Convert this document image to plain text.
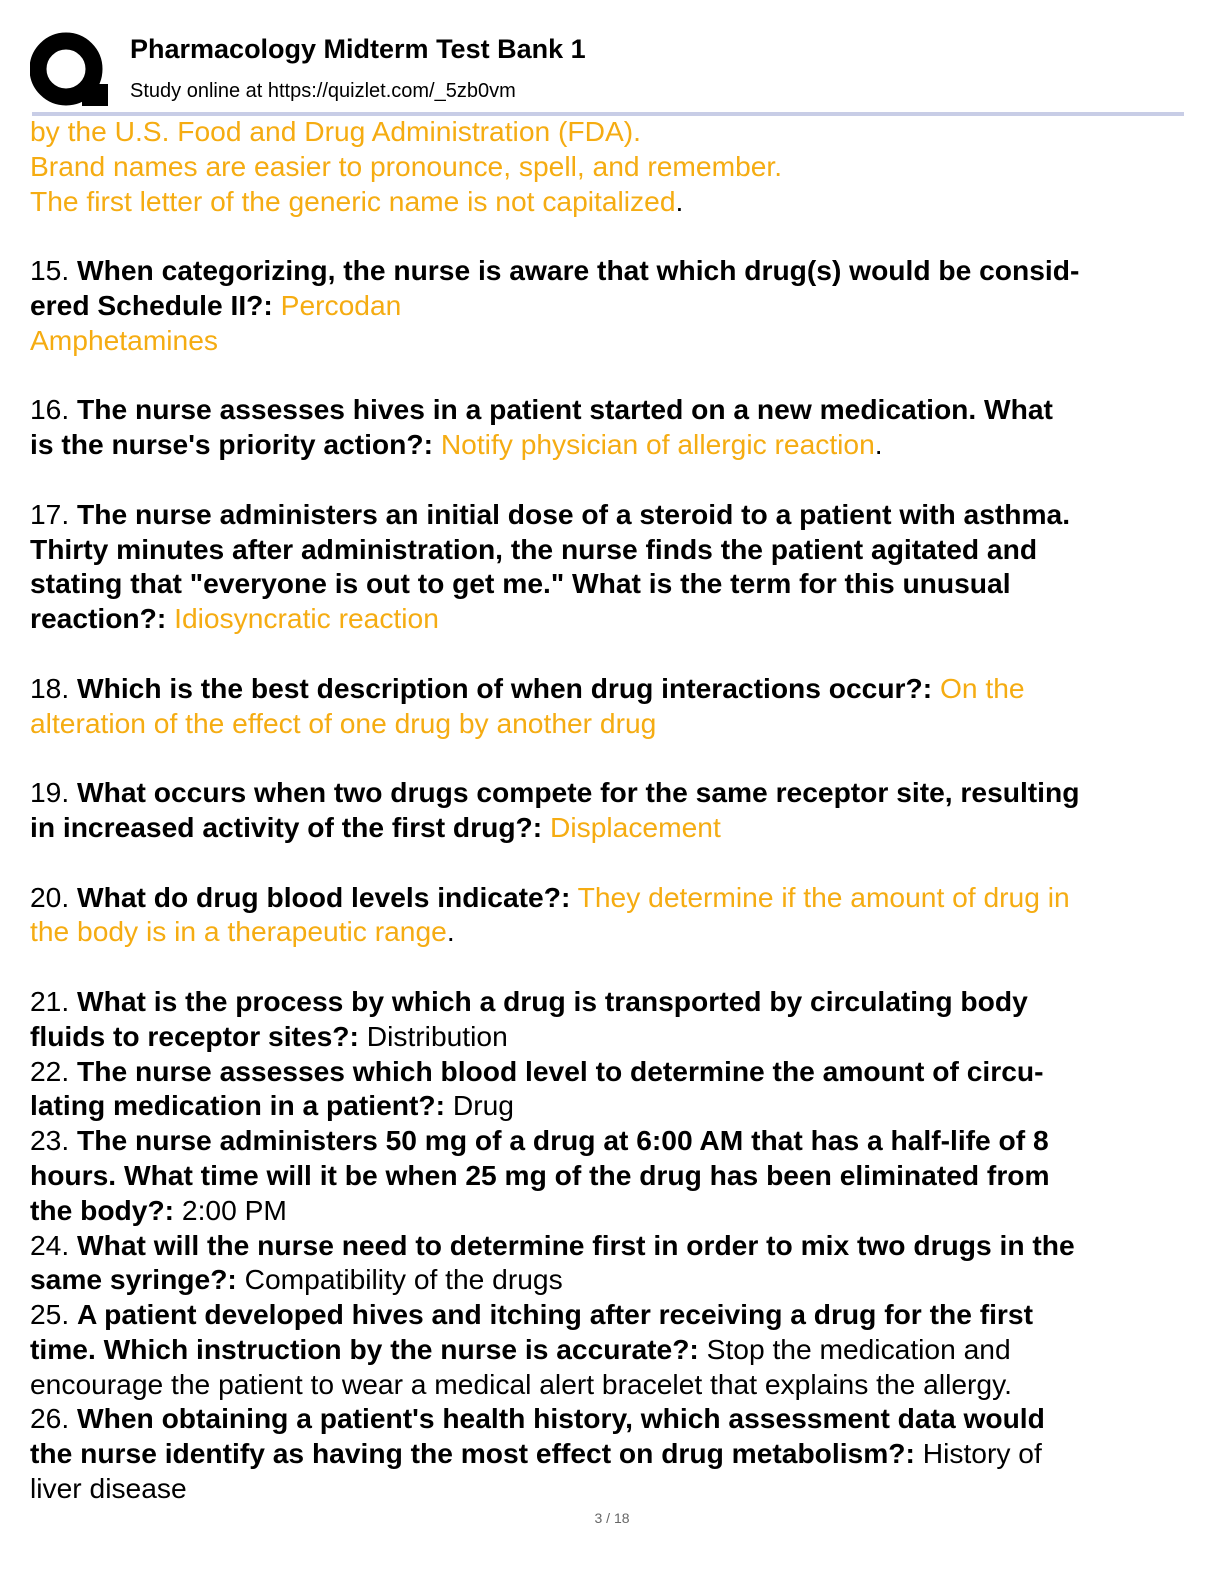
Pharmacology Midterm Test Bank 1
Study online at https://quizlet.com/_5zb0vm

by the U.S. Food and Drug Administration (FDA).
Brand names are easier to pronounce, spell, and remember.
The first letter of the generic name is not capitalized.

15. When categorizing, the nurse is aware that which drug(s) would be consid-
ered Schedule II?: Percodan
Amphetamines

16. The nurse assesses hives in a patient started on a new medication. What
is the nurse's priority action?: Notify physician of allergic reaction.

17. The nurse administers an initial dose of a steroid to a patient with asthma.
Thirty minutes after administration, the nurse finds the patient agitated and
stating that "everyone is out to get me." What is the term for this unusual
reaction?: Idiosyncratic reaction

18. Which is the best description of when drug interactions occur?: On the
alteration of the effect of one drug by another drug

19. What occurs when two drugs compete for the same receptor site, resulting
in increased activity of the first drug?: Displacement

20. What do drug blood levels indicate?: They determine if the amount of drug in
the body is in a therapeutic range.

21. What is the process by which a drug is transported by circulating body
fluids to receptor sites?: Distribution

22. The nurse assesses which blood level to determine the amount of circu-
lating medication in a patient?: Drug

23. The nurse administers 50 mg of a drug at 6:00 AM that has a half-life of 8
hours. What time will it be when 25 mg of the drug has been eliminated from
the body?: 2:00 PM

24. What will the nurse need to determine first in order to mix two drugs in the
same syringe?: Compatibility of the drugs

25. A patient developed hives and itching after receiving a drug for the first
time. Which instruction by the nurse is accurate?: Stop the medication and
encourage the patient to wear a medical alert bracelet that explains the allergy.

26. When obtaining a patient's health history, which assessment data would
the nurse identify as having the most effect on drug metabolism?: History of
liver disease

3 / 18
